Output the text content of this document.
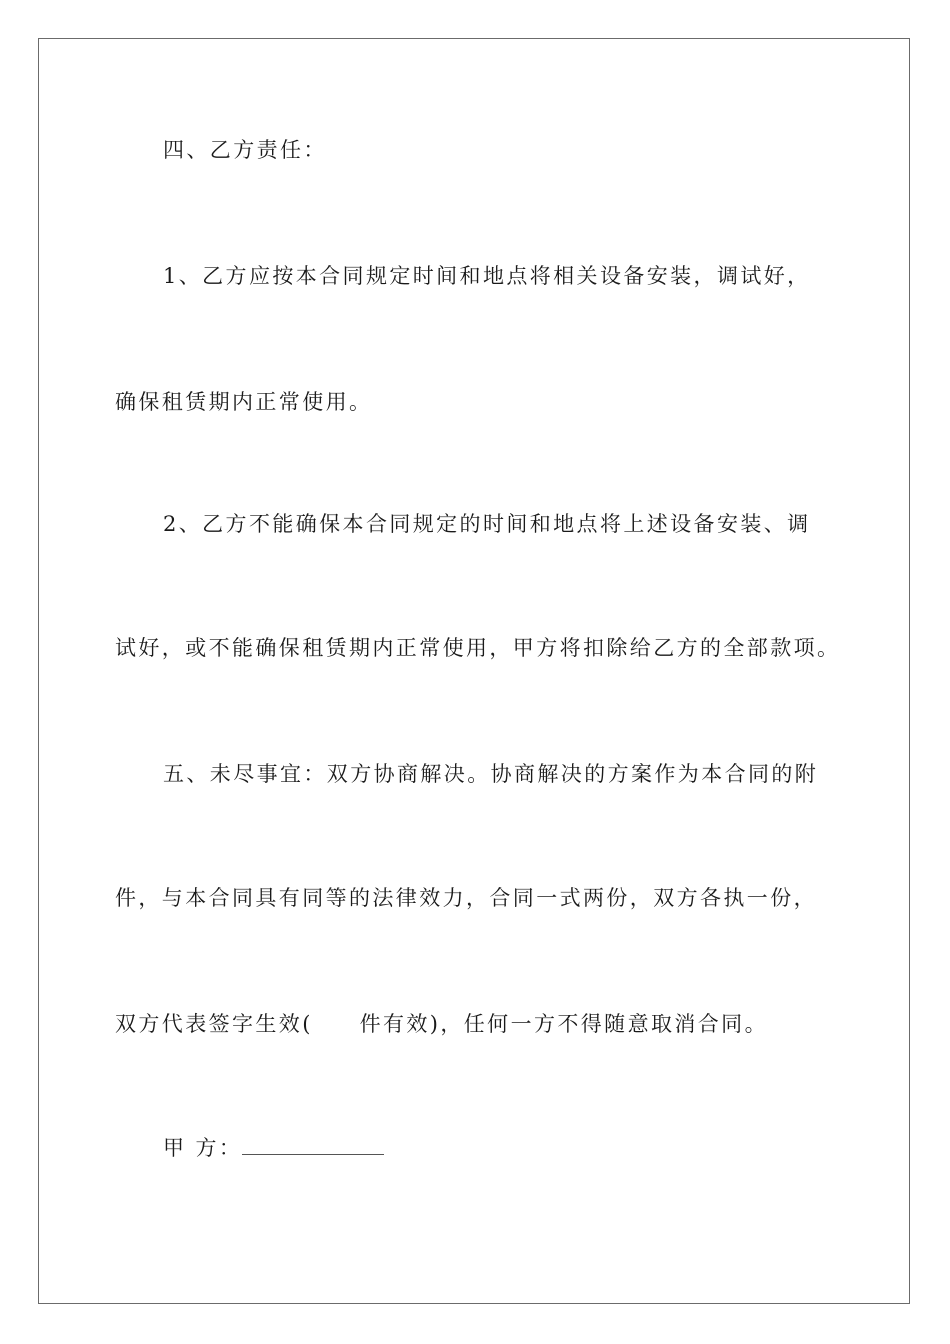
四、乙方责任：
1、乙方应按本合同规定时间和地点将相关设备安装，调试好，
确保租赁期内正常使用。
2、乙方不能确保本合同规定的时间和地点将上述设备安装、调
试好，或不能确保租赁期内正常使用，甲方将扣除给乙方的全部款项。
五、未尽事宜：双方协商解决。协商解决的方案作为本合同的附
件，与本合同具有同等的法律效力，合同一式两份，双方各执一份，
双方代表签字生效(　　件有效)，任何一方不得随意取消合同。
甲 方：
